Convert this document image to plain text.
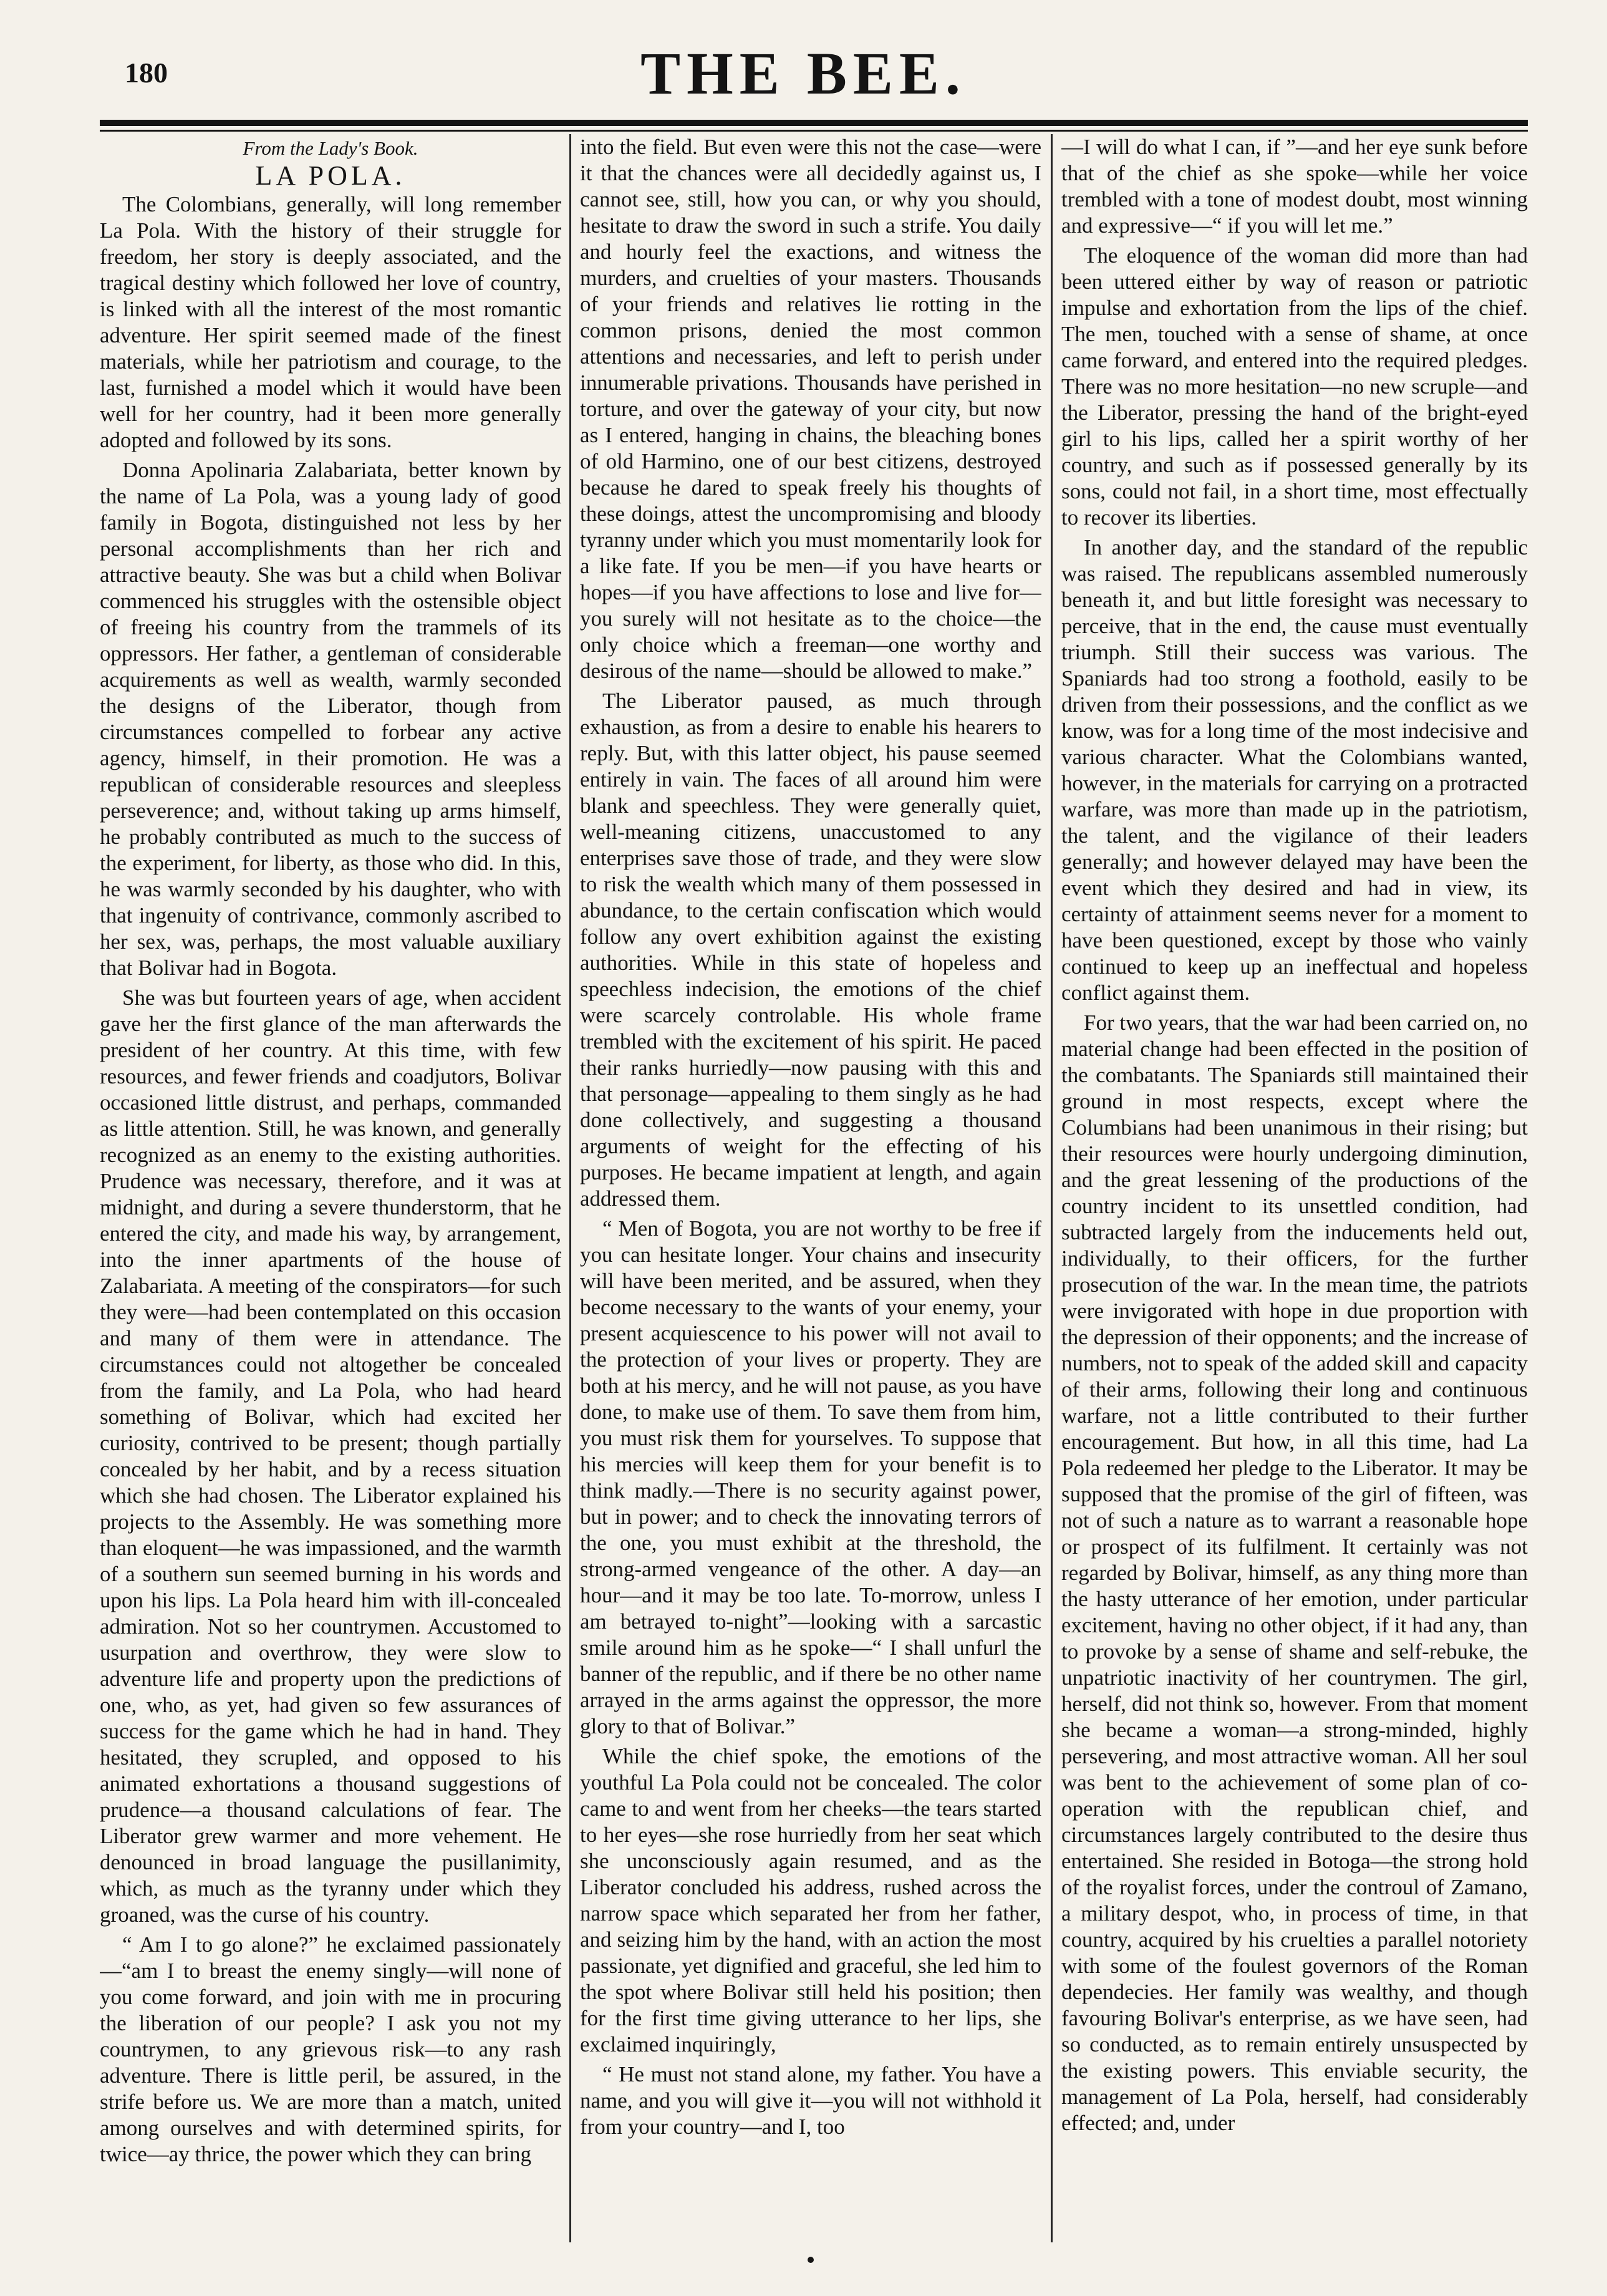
180	THE BEE.
From the Lady's Book.
LA POLA.

The Colombians, generally, will long remember La Pola. With the history of their struggle for freedom, her story is deeply associated, and the tragical destiny which followed her love of country, is linked with all the interest of the most romantic adventure. Her spirit seemed made of the finest materials, while her patriotism and courage, to the last, furnished a model which it would have been well for her country, had it been more generally adopted and followed by its sons.

Donna Apolinaria Zalabariata, better known by the name of La Pola, was a young lady of good family in Bogota, distinguished not less by her personal accomplishments than her rich and attractive beauty. She was but a child when Bolivar commenced his struggles with the ostensible object of freeing his country from the trammels of its oppressors. Her father, a gentleman of considerable acquirements as well as wealth, warmly seconded the designs of the Liberator, though from circumstances compelled to forbear any active agency, himself, in their promotion. He was a republican of considerable resources and sleepless perseverence; and, without taking up arms himself, he probably contributed as much to the success of the experiment, for liberty, as those who did. In this, he was warmly seconded by his daughter, who with that ingenuity of contrivance, commonly ascribed to her sex, was, perhaps, the most valuable auxiliary that Bolivar had in Bogota.

She was but fourteen years of age, when accident gave her the first glance of the man afterwards the president of her country. At this time, with few resources, and fewer friends and coadjutors, Bolivar occasioned little distrust, and perhaps, commanded as little attention. Still, he was known, and generally recognized as an enemy to the existing authorities. Prudence was necessary, therefore, and it was at midnight, and during a severe thunderstorm, that he entered the city, and made his way, by arrangement, into the inner apartments of the house of Zalabariata. A meeting of the conspirators—for such they were—had been contemplated on this occasion and many of them were in attendance. The circumstances could not altogether be concealed from the family, and La Pola, who had heard something of Bolivar, which had excited her curiosity, contrived to be present; though partially concealed by her habit, and by a recess situation which she had chosen. The Liberator explained his projects to the Assembly. He was something more than eloquent—he was impassioned, and the warmth of a southern sun seemed burning in his words and upon his lips. La Pola heard him with ill-concealed admiration. Not so her countrymen. Accustomed to usurpation and overthrow, they were slow to adventure life and property upon the predictions of one, who, as yet, had given so few assurances of success for the game which he had in hand. They hesitated, they scrupled, and opposed to his animated exhortations a thousand suggestions of prudence—a thousand calculations of fear. The Liberator grew warmer and more vehement. He denounced in broad language the pusillanimity, which, as much as the tyranny under which they groaned, was the curse of his country.

“ Am I to go alone?” he exclaimed passionately—“am I to breast the enemy singly—will none of you come forward, and join with me in procuring the liberation of our people? I ask you not my countrymen, to any grievous risk—to any rash adventure. There is little peril, be assured, in the strife before us. We are more than a match, united among ourselves and with determined spirits, for twice—ay thrice, the power which they can bring

into the field. But even were this not the case—were it that the chances were all decidedly against us, I cannot see, still, how you can, or why you should, hesitate to draw the sword in such a strife. You daily and hourly feel the exactions, and witness the murders, and cruelties of your masters. Thousands of your friends and relatives lie rotting in the common prisons, denied the most common attentions and necessaries, and left to perish under innumerable privations. Thousands have perished in torture, and over the gateway of your city, but now as I entered, hanging in chains, the bleaching bones of old Harmino, one of our best citizens, destroyed because he dared to speak freely his thoughts of these doings, attest the uncompromising and bloody tyranny under which you must momentarily look for a like fate. If you be men—if you have hearts or hopes—if you have affections to lose and live for—you surely will not hesitate as to the choice—the only choice which a freeman—one worthy and desirous of the name—should be allowed to make.”

The Liberator paused, as much through exhaustion, as from a desire to enable his hearers to reply. But, with this latter object, his pause seemed entirely in vain. The faces of all around him were blank and speechless. They were generally quiet, well-meaning citizens, unaccustomed to any enterprises save those of trade, and they were slow to risk the wealth which many of them possessed in abundance, to the certain confiscation which would follow any overt exhibition against the existing authorities. While in this state of hopeless and speechless indecision, the emotions of the chief were scarcely controlable. His whole frame trembled with the excitement of his spirit. He paced their ranks hurriedly—now pausing with this and that personage—appealing to them singly as he had done collectively, and suggesting a thousand arguments of weight for the effecting of his purposes. He became impatient at length, and again addressed them.

“ Men of Bogota, you are not worthy to be free if you can hesitate longer. Your chains and insecurity will have been merited, and be assured, when they become necessary to the wants of your enemy, your present acquiescence to his power will not avail to the protection of your lives or property. They are both at his mercy, and he will not pause, as you have done, to make use of them. To save them from him, you must risk them for yourselves. To suppose that his mercies will keep them for your benefit is to think madly.—There is no security against power, but in power; and to check the innovating terrors of the one, you must exhibit at the threshold, the strong-armed vengeance of the other. A day—an hour—and it may be too late. To-morrow, unless I am betrayed to-night”—looking with a sarcastic smile around him as he spoke—“ I shall unfurl the banner of the republic, and if there be no other name arrayed in the arms against the oppressor, the more glory to that of Bolivar.”

While the chief spoke, the emotions of the youthful La Pola could not be concealed. The color came to and went from her cheeks—the tears started to her eyes—she rose hurriedly from her seat which she unconsciously again resumed, and as the Liberator concluded his address, rushed across the narrow space which separated her from her father, and seizing him by the hand, with an action the most passionate, yet dignified and graceful, she led him to the spot where Bolivar still held his position; then for the first time giving utterance to her lips, she exclaimed inquiringly,

“ He must not stand alone, my father. You have a name, and you will give it—you will not withhold it from your country—and I, too

—I will do what I can, if ”—and her eye sunk before that of the chief as she spoke—while her voice trembled with a tone of modest doubt, most winning and expressive—“ if you will let me.”

The eloquence of the woman did more than had been uttered either by way of reason or patriotic impulse and exhortation from the lips of the chief. The men, touched with a sense of shame, at once came forward, and entered into the required pledges. There was no more hesitation—no new scruple—and the Liberator, pressing the hand of the bright-eyed girl to his lips, called her a spirit worthy of her country, and such as if possessed generally by its sons, could not fail, in a short time, most effectually to recover its liberties.

In another day, and the standard of the republic was raised. The republicans assembled numerously beneath it, and but little foresight was necessary to perceive, that in the end, the cause must eventually triumph. Still their success was various. The Spaniards had too strong a foothold, easily to be driven from their possessions, and the conflict as we know, was for a long time of the most indecisive and various character. What the Colombians wanted, however, in the materials for carrying on a protracted warfare, was more than made up in the patriotism, the talent, and the vigilance of their leaders generally; and however delayed may have been the event which they desired and had in view, its certainty of attainment seems never for a moment to have been questioned, except by those who vainly continued to keep up an ineffectual and hopeless conflict against them.

For two years, that the war had been carried on, no material change had been effected in the position of the combatants. The Spaniards still maintained their ground in most respects, except where the Columbians had been unanimous in their rising; but their resources were hourly undergoing diminution, and the great lessening of the productions of the country incident to its unsettled condition, had subtracted largely from the inducements held out, individually, to their officers, for the further prosecution of the war. In the mean time, the patriots were invigorated with hope in due proportion with the depression of their opponents; and the increase of numbers, not to speak of the added skill and capacity of their arms, following their long and continuous warfare, not a little contributed to their further encouragement. But how, in all this time, had La Pola redeemed her pledge to the Liberator. It may be supposed that the promise of the girl of fifteen, was not of such a nature as to warrant a reasonable hope or prospect of its fulfilment. It certainly was not regarded by Bolivar, himself, as any thing more than the hasty utterance of her emotion, under particular excitement, having no other object, if it had any, than to provoke by a sense of shame and self-rebuke, the unpatriotic inactivity of her countrymen. The girl, herself, did not think so, however. From that moment she became a woman—a strong-minded, highly persevering, and most attractive woman. All her soul was bent to the achievement of some plan of co-operation with the republican chief, and circumstances largely contributed to the desire thus entertained. She resided in Botoga—the strong hold of the royalist forces, under the controul of Zamano, a military despot, who, in process of time, in that country, acquired by his cruelties a parallel notoriety with some of the foulest governors of the Roman dependecies. Her family was wealthy, and though favouring Bolivar's enterprise, as we have seen, had so conducted, as to remain entirely unsuspected by the existing powers. This enviable security, the management of La Pola, herself, had considerably effected; and, under
